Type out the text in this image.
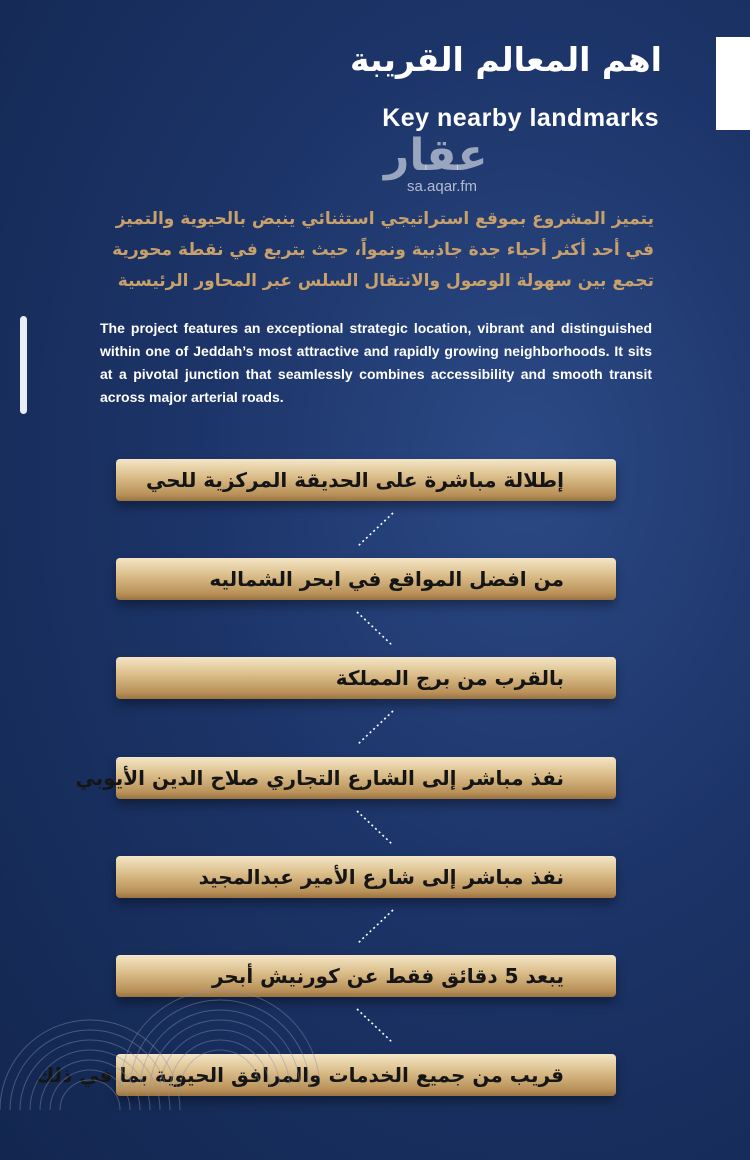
اهم المعالم القريبة
Key nearby landmarks
عقار
sa.aqar.fm
يتميز المشروع بموقع استراتيجي استثنائي ينبض بالحيوية والتميز
في أحد أكثر أحياء جدة جاذبية ونمواً، حيث يتربع في نقطة محورية
تجمع بين سهولة الوصول والانتقال السلس عبر المحاور الرئيسية
The project features an exceptional strategic location, vibrant and distinguished within one of Jeddah’s most attractive and rapidly growing neighborhoods. It sits at a pivotal junction that seamlessly combines accessibility and smooth transit across major arterial roads.
إطلالة مباشرة على الحديقة المركزية للحي
من افضل المواقع في ابحر الشماليه
بالقرب من برج المملكة
نفذ مباشر إلى الشارع التجاري صلاح الدين الأيوبي
نفذ مباشر إلى شارع الأمير عبدالمجيد
يبعد 5 دقائق فقط عن كورنيش أبحر
قريب من جميع الخدمات والمرافق الحيوية بما في ذلك
